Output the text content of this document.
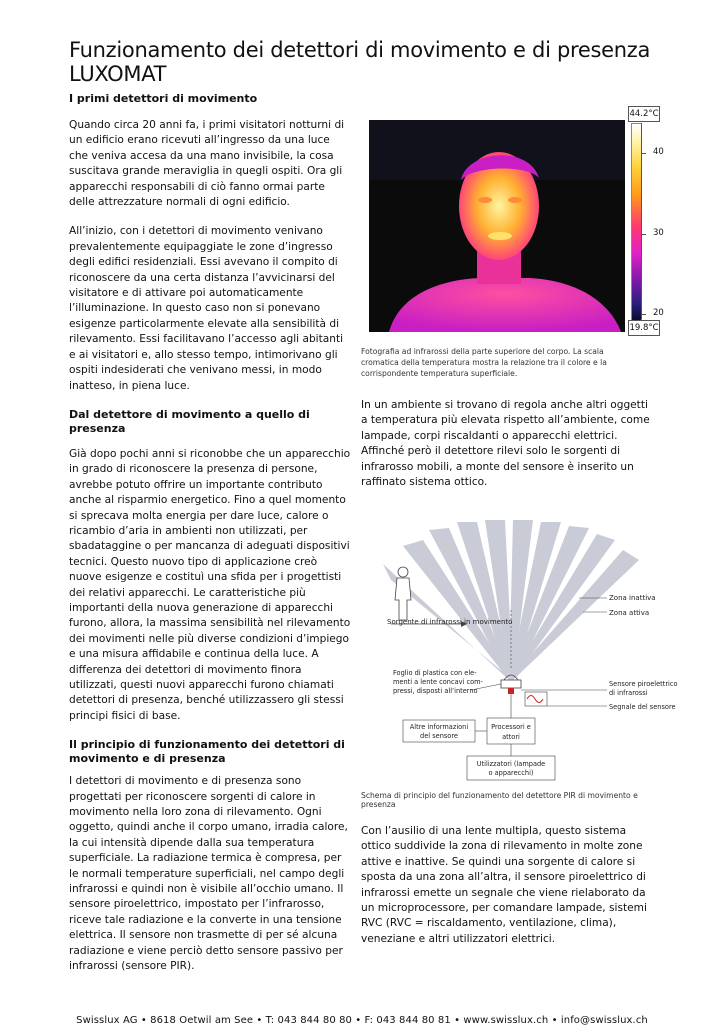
Funzionamento dei detettori di movimento e di presenza LUXOMAT
I primi detettori di movimento

Quando circa 20 anni fa, i primi visitatori notturni di un edificio erano ricevuti all’ingresso da una luce che veniva accesa da una mano invisibile, la cosa suscitava grande meraviglia in quegli ospiti. Ora gli apparecchi responsabili di ciò fanno ormai parte delle attrezzature normali di ogni edificio.

All’inizio, con i detettori di movimento venivano prevalentemente equipaggiate le zone d’ingresso degli edifici residenziali. Essi avevano il compito di riconoscere da una certa distanza l’avvicinarsi del visitatore e di attivare poi automaticamente l’illuminazione. In questo caso non si ponevano esigenze particolarmente elevate alla sensibilità di rilevamento. Essi facilitavano l’accesso agli abitanti e ai visitatori e, allo stesso tempo, intimorivano gli ospiti indesiderati che venivano messi, in modo inatteso, in piena luce.

Dal detettore di movimento a quello di presenza

Già dopo pochi anni si riconobbe che un apparecchio in grado di riconoscere la presenza di persone, avrebbe potuto offrire un importante contributo anche al risparmio energetico. Fino a quel momento si sprecava molta energia per dare luce, calore o ricambio d’aria in ambienti non utilizzati, per sbadataggine o per mancanza di adeguati dispositivi tecnici. Questo nuovo tipo di applicazione creò nuove esigenze e costituì una sfida per i progettisti dei relativi apparecchi. Le caratteristiche più importanti della nuova generazione di apparecchi furono, allora, la massima sensibilità nel rilevamento dei movimenti nelle più diverse condizioni d’impiego e una misura affidabile e continua della luce. A differenza dei detettori di movimento finora utilizzati, questi nuovi apparecchi furono chiamati detettori di presenza, benché utilizzassero gli stessi principi fisici di base.

Il principio di funzionamento dei detettori di movimento e di presenza

I detettori di movimento e di presenza sono progettati per riconoscere sorgenti di calore in movimento nella loro zona di rilevamento. Ogni oggetto, quindi anche il corpo umano, irradia calore, la cui intensità dipende dalla sua temperatura superficiale. La radiazione termica è compresa, per le normali temperature superficiali, nel campo degli infrarossi e quindi non è visibile all’occhio umano. Il sensore piroelettrico, impostato per l’infrarosso, riceve tale radiazione e la converte in una tensione elettrica. Il sensore non trasmette di per sé alcuna radiazione e viene perciò detto sensore passivo per infrarossi (sensore PIR).

44.2°C
40
30
20
19.8°C
Fotografia ad infrarossi della parte superiore del corpo. La scala cromatica della temperatura mostra la relazione tra il colore e la corrispondente temperatura superficiale.

In un ambiente si trovano di regola anche altri oggetti a temperatura più elevata rispetto all’ambiente, come lampade, corpi riscaldanti o apparecchi elettrici. Affinché però il detettore rilevi solo le sorgenti di infrarosso mobili, a monte del sensore è inserito un raffinato sistema ottico.

Zona inattiva
Zona attiva
Sorgente di infrarossi in movimento
Foglio di plastica con ele-
menti a lente concavi com-
pressi, disposti all’interno
Sensore piroelettrico
di infrarossi
Segnale del sensore
Altre informazioni
del sensore
Processori e
attori
Utilizzatori (lampade
o apparecchi)
Schema di principio del funzionamento del detettore PIR di movimento e presenza

Con l’ausilio di una lente multipla, questo sistema ottico suddivide la zona di rilevamento in molte zone attive e inattive. Se quindi una sorgente di calore si sposta da una zona all’altra, il sensore piroelettrico di infrarossi emette un segnale che viene rielaborato da un microprocessore, per comandare lampade, sistemi RVC (RVC = riscaldamento, ventilazione, clima), veneziane e altri utilizzatori elettrici.

Swisslux AG • 8618 Oetwil am See • T: 043 844 80 80 • F: 043 844 80 81 • www.swisslux.ch • info@swisslux.ch
